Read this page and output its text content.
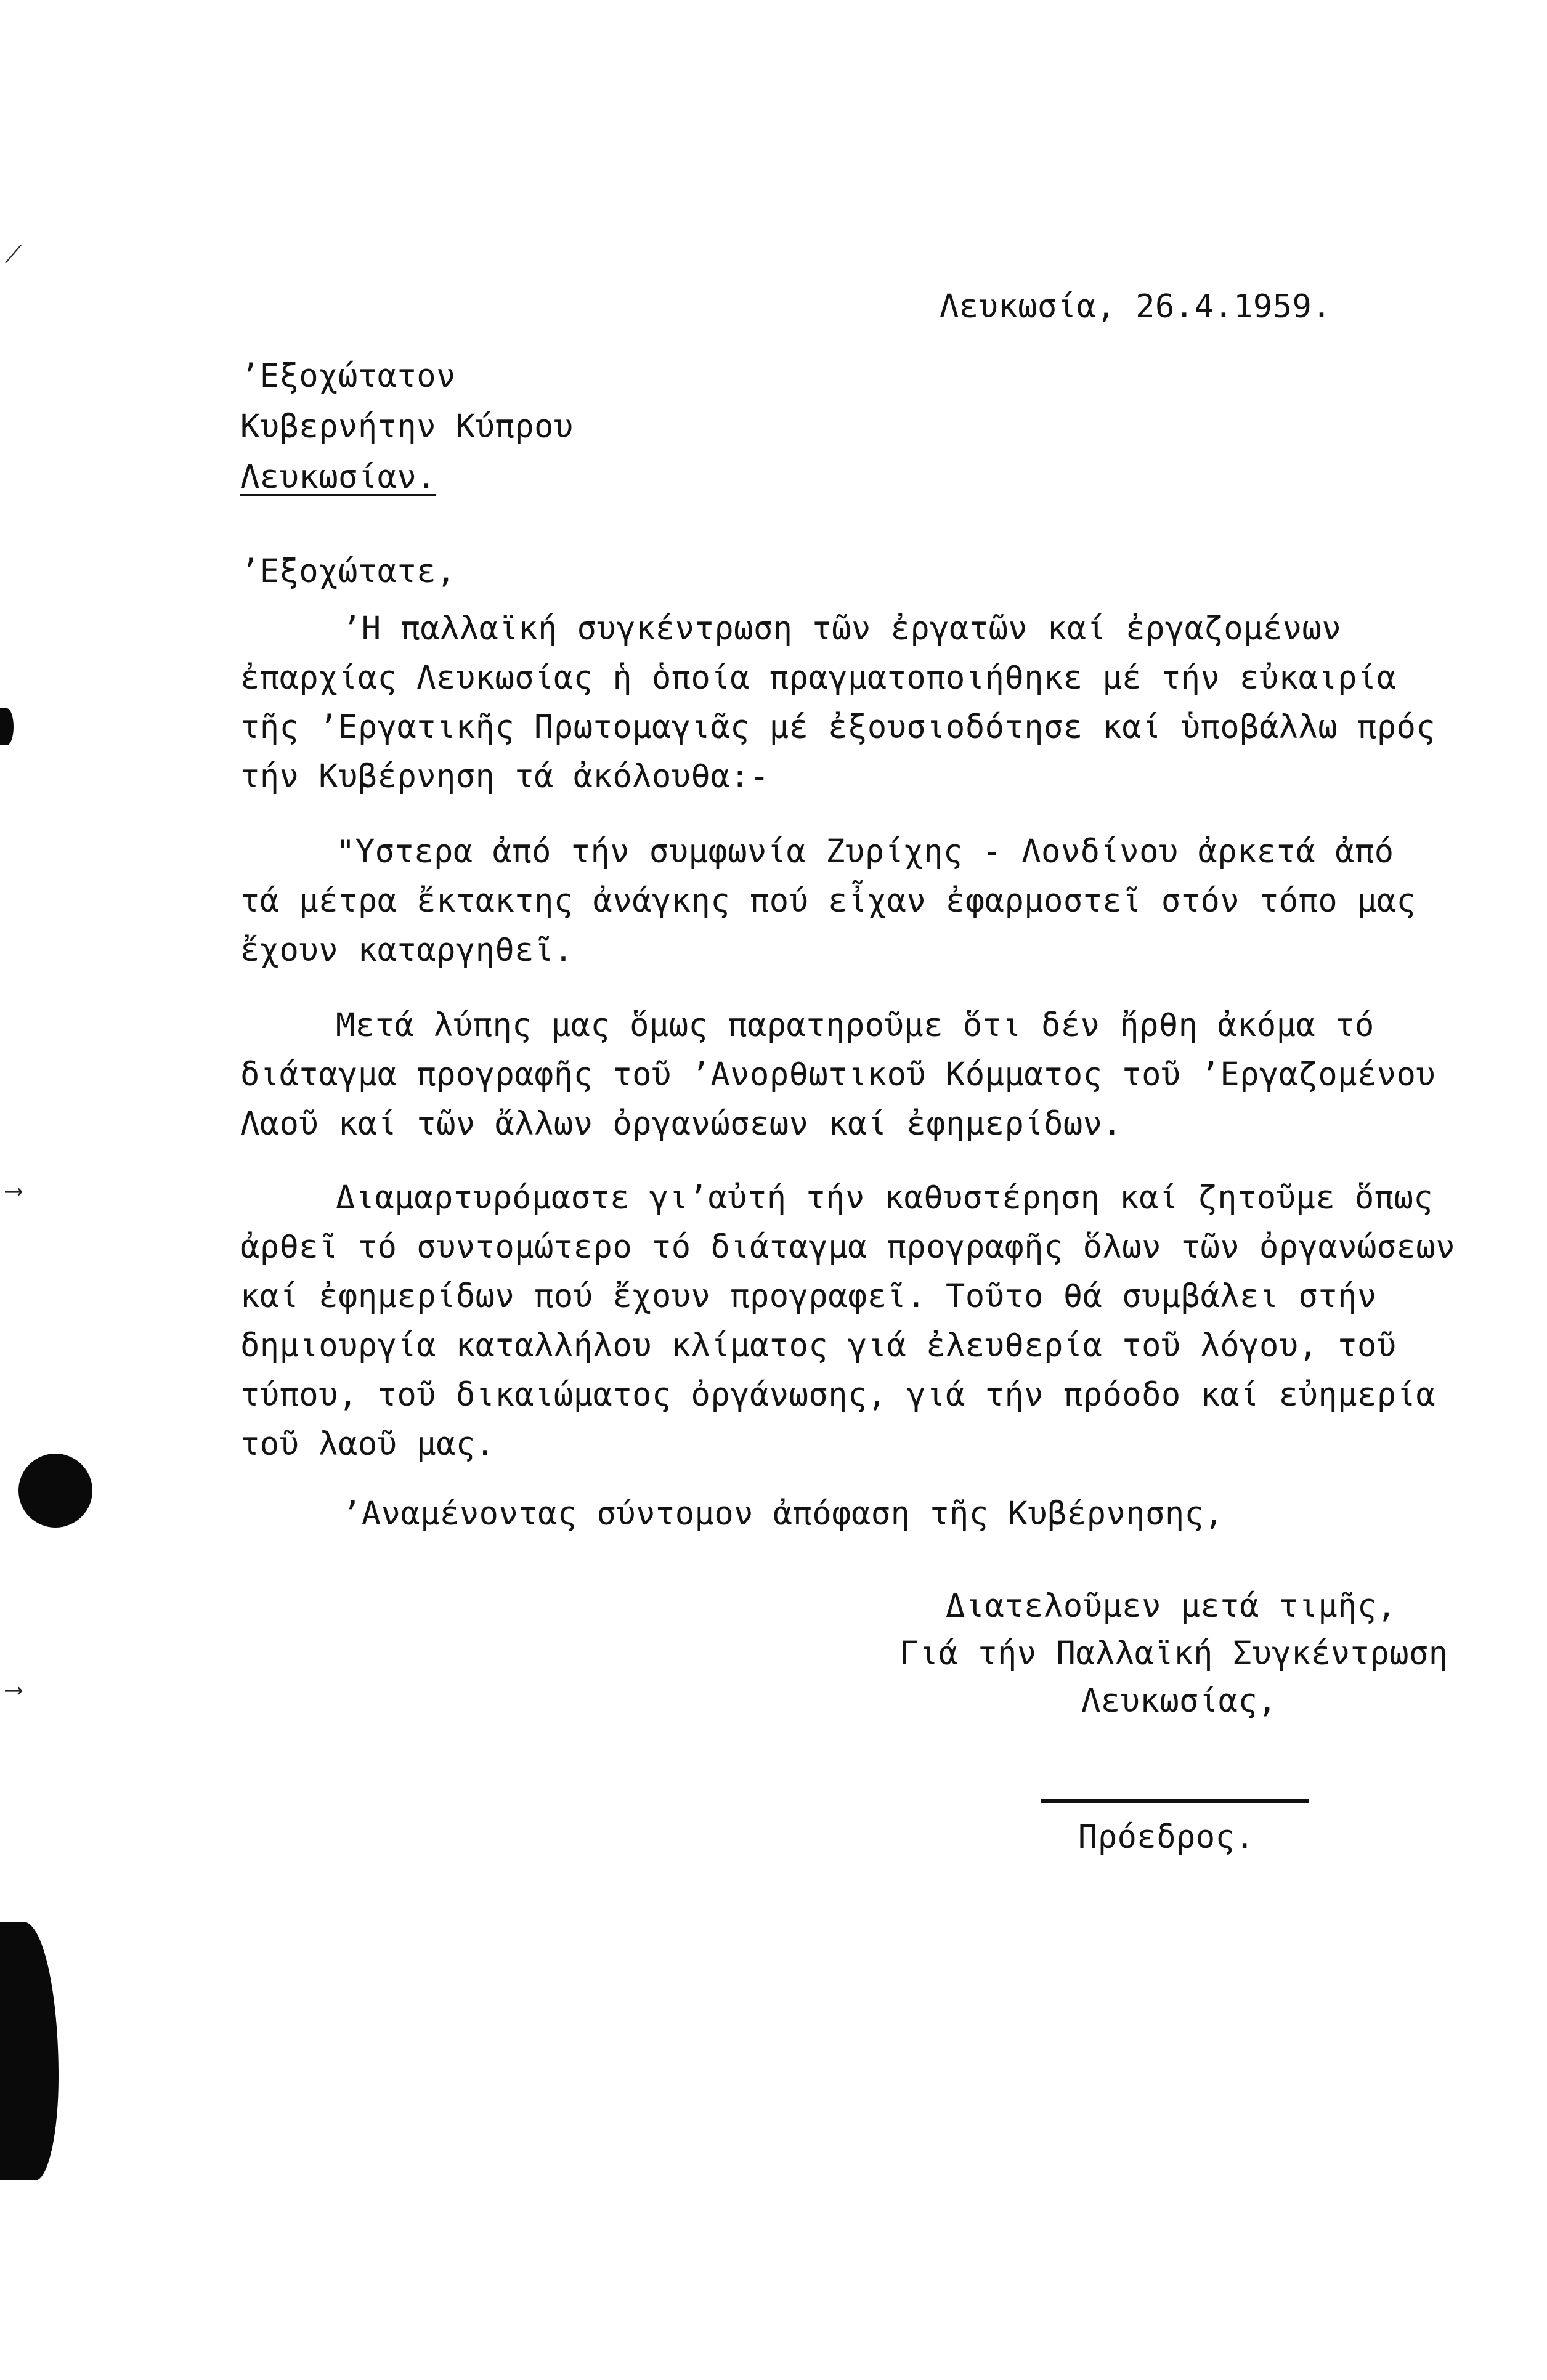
⟋
⟶
⟶
Λευκωσία, 26.4.1959.
’Εξοχώτατον
Κυβερνήτην Κύπρου
Λευκωσίαν.
’Εξοχώτατε,
’Η παλλαϊκή συγκέντρωση τῶν ἐργατῶν καί ἐργαζομένων
ἐπαρχίας Λευκωσίας ἡ ὁποία πραγματοποιήθηκε μέ τήν εὐκαιρία
τῆς ’Εργατικῆς Πρωτομαγιᾶς μέ ἐξουσιοδότησε καί ὑποβάλλω πρός
τήν Κυβέρνηση τά ἀκόλουθα:-
"Υστερα ἀπό τήν συμφωνία Ζυρίχης - Λονδίνου ἀρκετά ἀπό
τά μέτρα ἔκτακτης ἀνάγκης πού εἶχαν ἐφαρμοστεῖ στόν τόπο μας
ἔχουν καταργηθεῖ.
Μετά λύπης μας ὅμως παρατηροῦμε ὅτι δέν ἤρθη ἀκόμα τό
διάταγμα προγραφῆς τοῦ ’Ανορθωτικοῦ Κόμματος τοῦ ’Εργαζομένου
Λαοῦ καί τῶν ἄλλων ὀργανώσεων καί ἐφημερίδων.
Διαμαρτυρόμαστε γι’αὐτή τήν καθυστέρηση καί ζητοῦμε ὅπως
ἀρθεῖ τό συντομώτερο τό διάταγμα προγραφῆς ὅλων τῶν ὀργανώσεων
καί ἐφημερίδων πού ἔχουν προγραφεῖ. Τοῦτο θά συμβάλει στήν
δημιουργία καταλλήλου κλίματος γιά ἐλευθερία τοῦ λόγου, τοῦ
τύπου, τοῦ δικαιώματος ὀργάνωσης, γιά τήν πρόοδο καί εὐημερία
τοῦ λαοῦ μας.
’Αναμένοντας σύντομον ἀπόφαση τῆς Κυβέρνησης,
Διατελοῦμεν μετά τιμῆς,
Γιά τήν Παλλαϊκή Συγκέντρωση
Λευκωσίας,
Πρόεδρος.
